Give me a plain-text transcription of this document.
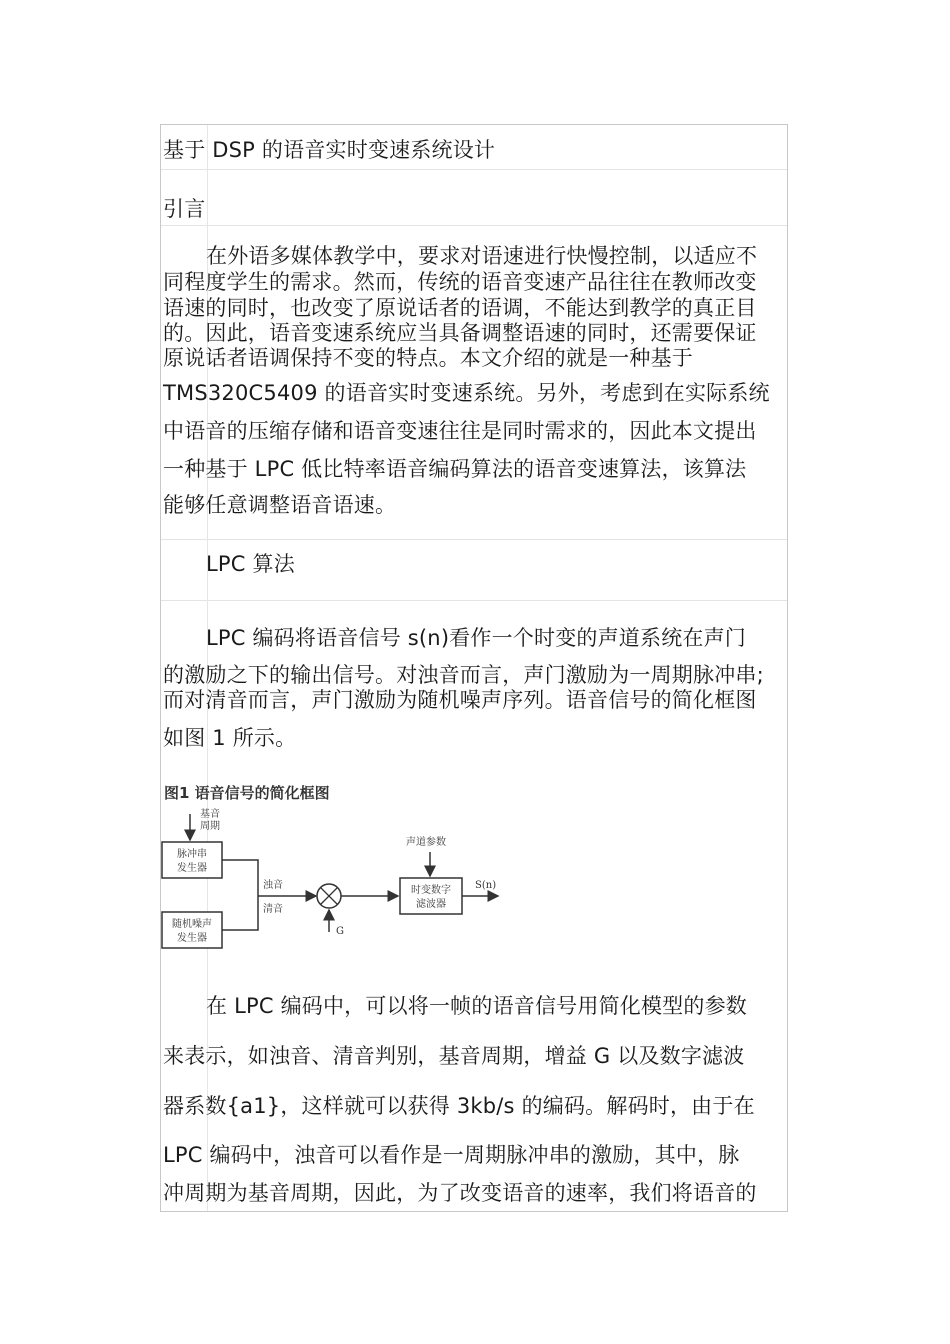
基于 DSP 的语音实时变速系统设计
引言
在外语多媒体教学中，要求对语速进行快慢控制，以适应不
同程度学生的需求。然而，传统的语音变速产品往往在教师改变
语速的同时，也改变了原说话者的语调，不能达到教学的真正目
的。因此，语音变速系统应当具备调整语速的同时，还需要保证
原说话者语调保持不变的特点。本文介绍的就是一种基于
TMS320C5409 的语音实时变速系统。另外，考虑到在实际系统
中语音的压缩存储和语音变速往往是同时需求的，因此本文提出
一种基于 LPC 低比特率语音编码算法的语音变速算法，该算法
能够任意调整语音语速。
LPC 算法
LPC 编码将语音信号 s(n)看作一个时变的声道系统在声门
的激励之下的输出信号。对浊音而言，声门激励为一周期脉冲串;
而对清音而言，声门激励为随机噪声序列。语音信号的简化框图
如图 1 所示。
图1 语音信号的简化框图
基音
周期
脉冲串
发生器
随机噪声
发生器
浊音
清音
G
声道参数
时变数字
滤波器
S(n)
在 LPC 编码中，可以将一帧的语音信号用简化模型的参数
来表示，如浊音、清音判别，基音周期，增益 G 以及数字滤波
器系数{a1}，这样就可以获得 3kb/s 的编码。解码时，由于在
LPC 编码中，浊音可以看作是一周期脉冲串的激励，其中，脉
冲周期为基音周期，因此，为了改变语音的速率，我们将语音的
